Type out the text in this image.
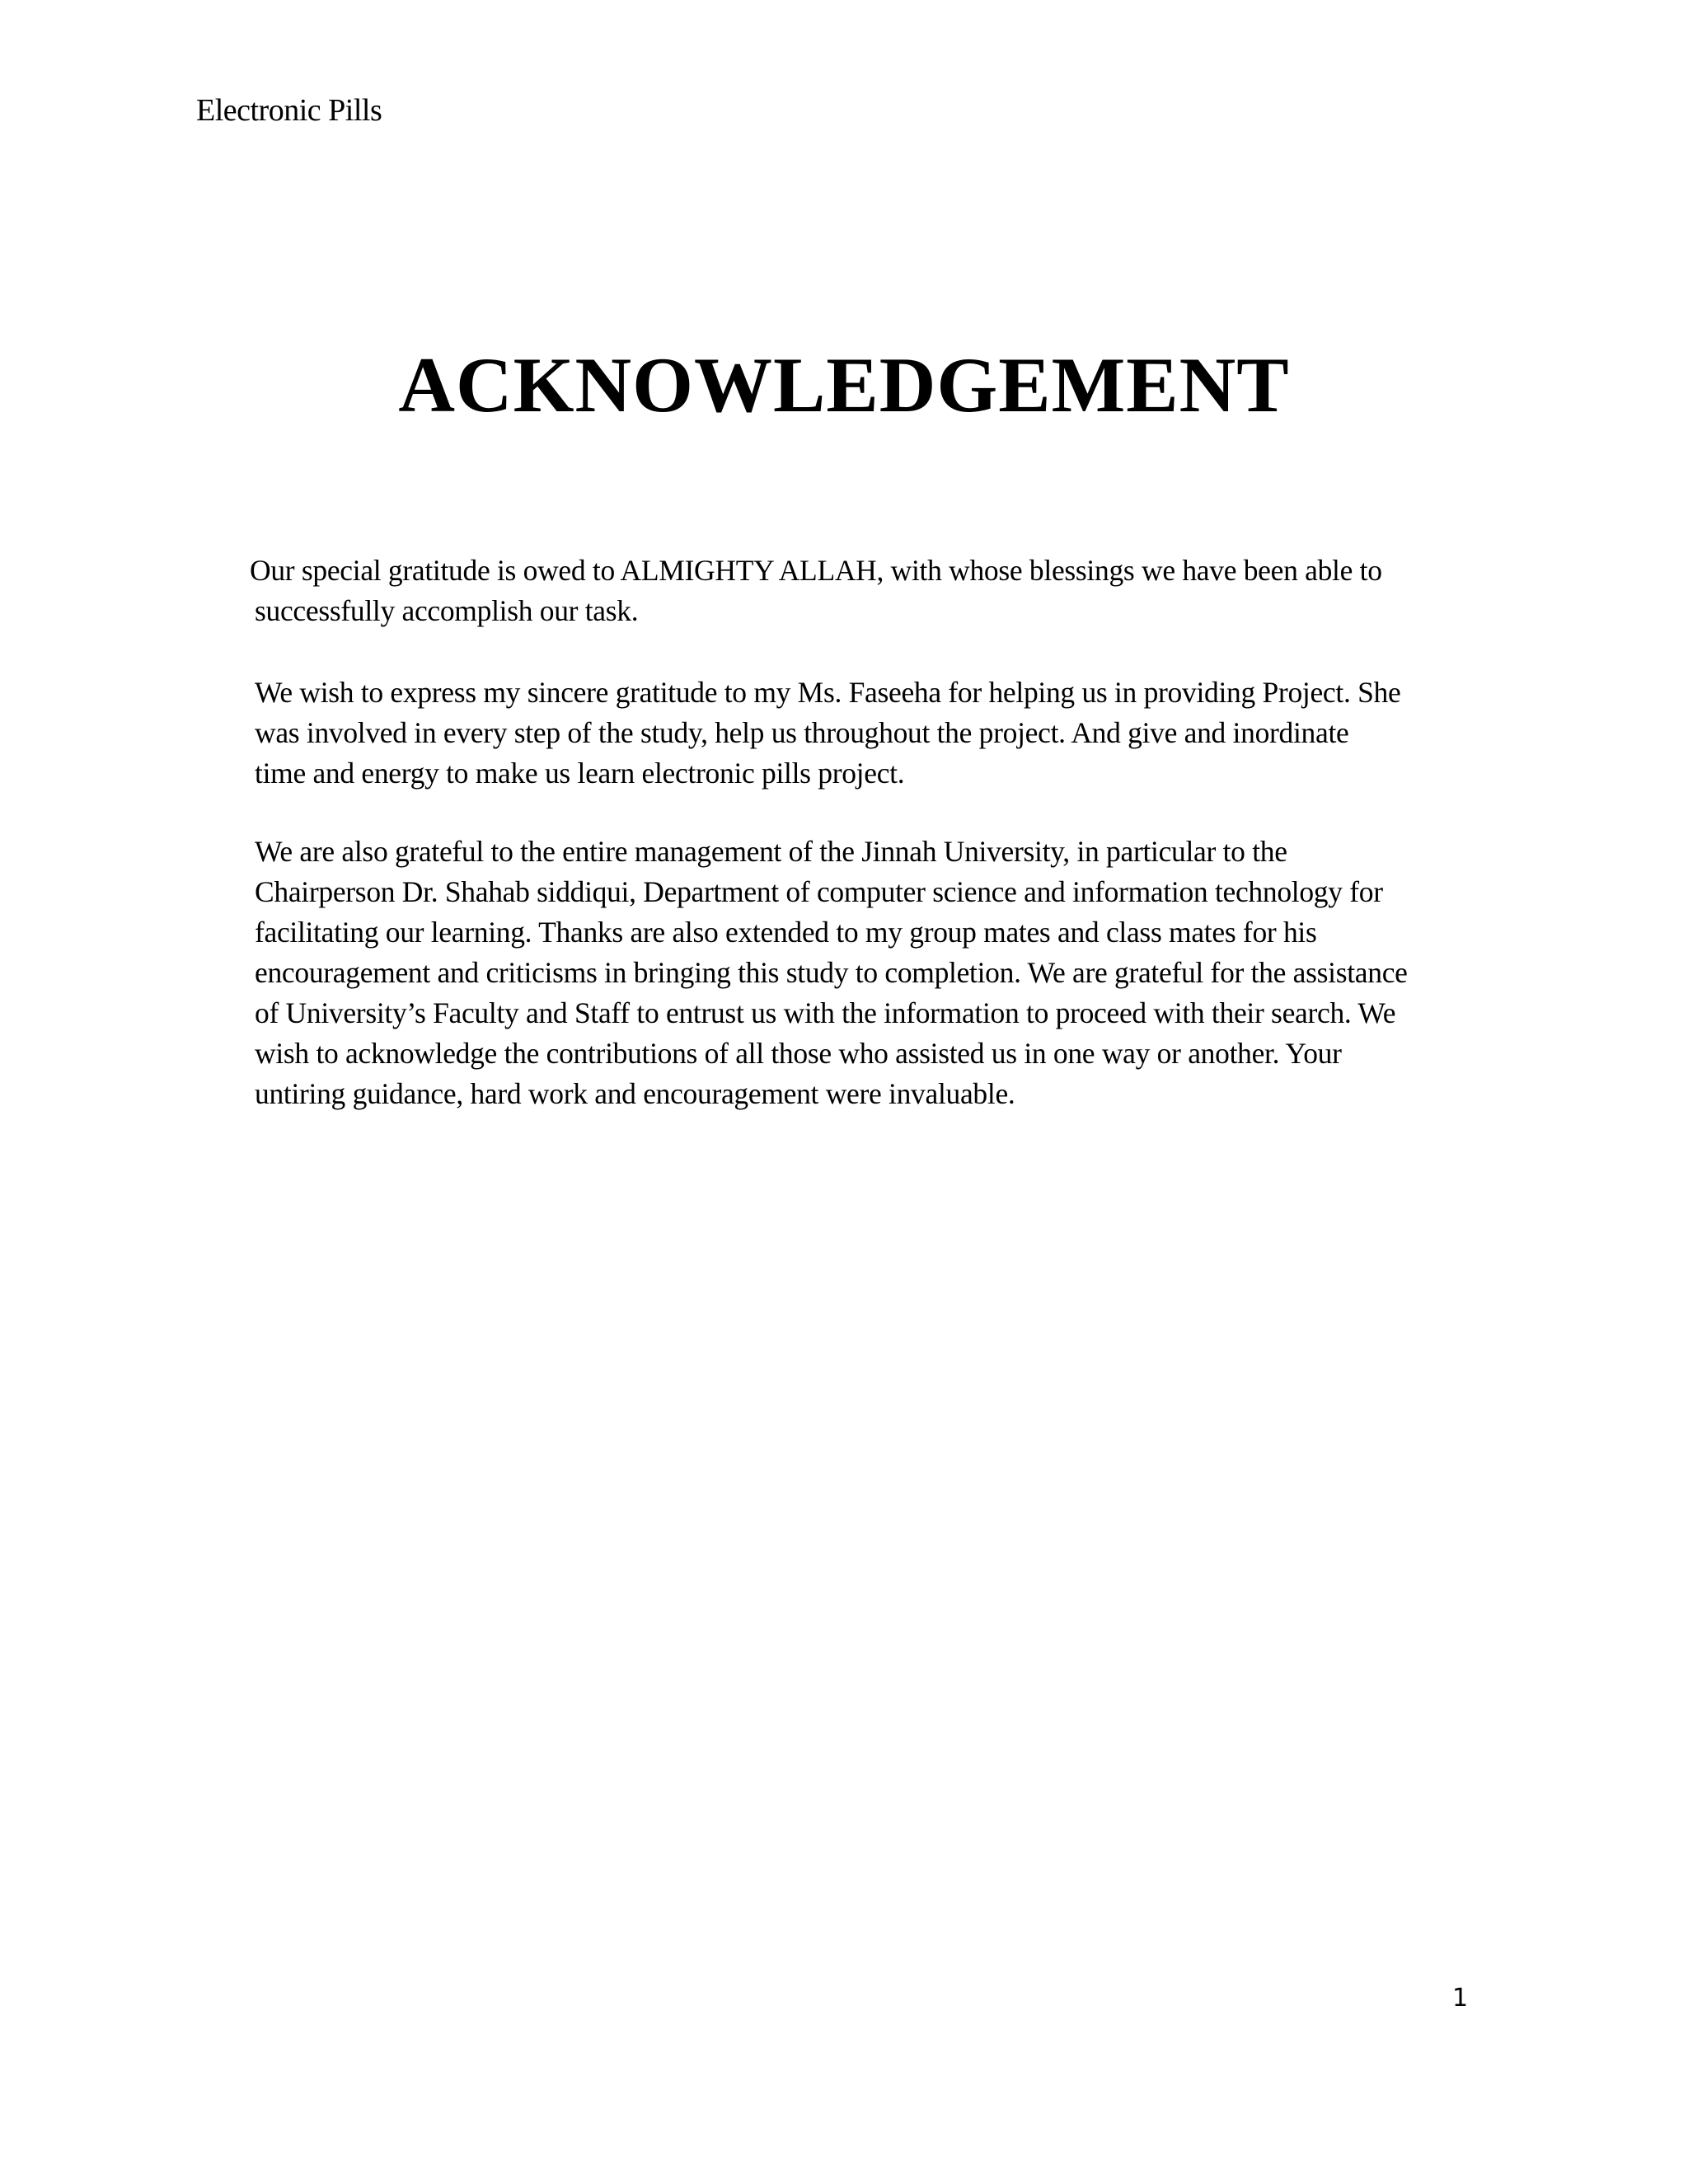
Electronic Pills
ACKNOWLEDGEMENT
Our special gratitude is owed to ALMIGHTY ALLAH, with whose blessings we have been able to
successfully accomplish our task.
We wish to express my sincere gratitude to my Ms. Faseeha for helping us in providing Project. She
was involved in every step of the study, help us throughout the project. And give and inordinate
time and energy to make us learn electronic pills project.
We are also grateful to the entire management of the Jinnah University, in particular to the
Chairperson Dr. Shahab siddiqui, Department of computer science and information technology for
facilitating our learning. Thanks are also extended to my group mates and class mates for his
encouragement and criticisms in bringing this study to completion. We are grateful for the assistance
of University’s Faculty and Staff to entrust us with the information to proceed with their search. We
wish to acknowledge the contributions of all those who assisted us in one way or another. Your
untiring guidance, hard work and encouragement were invaluable.
1
